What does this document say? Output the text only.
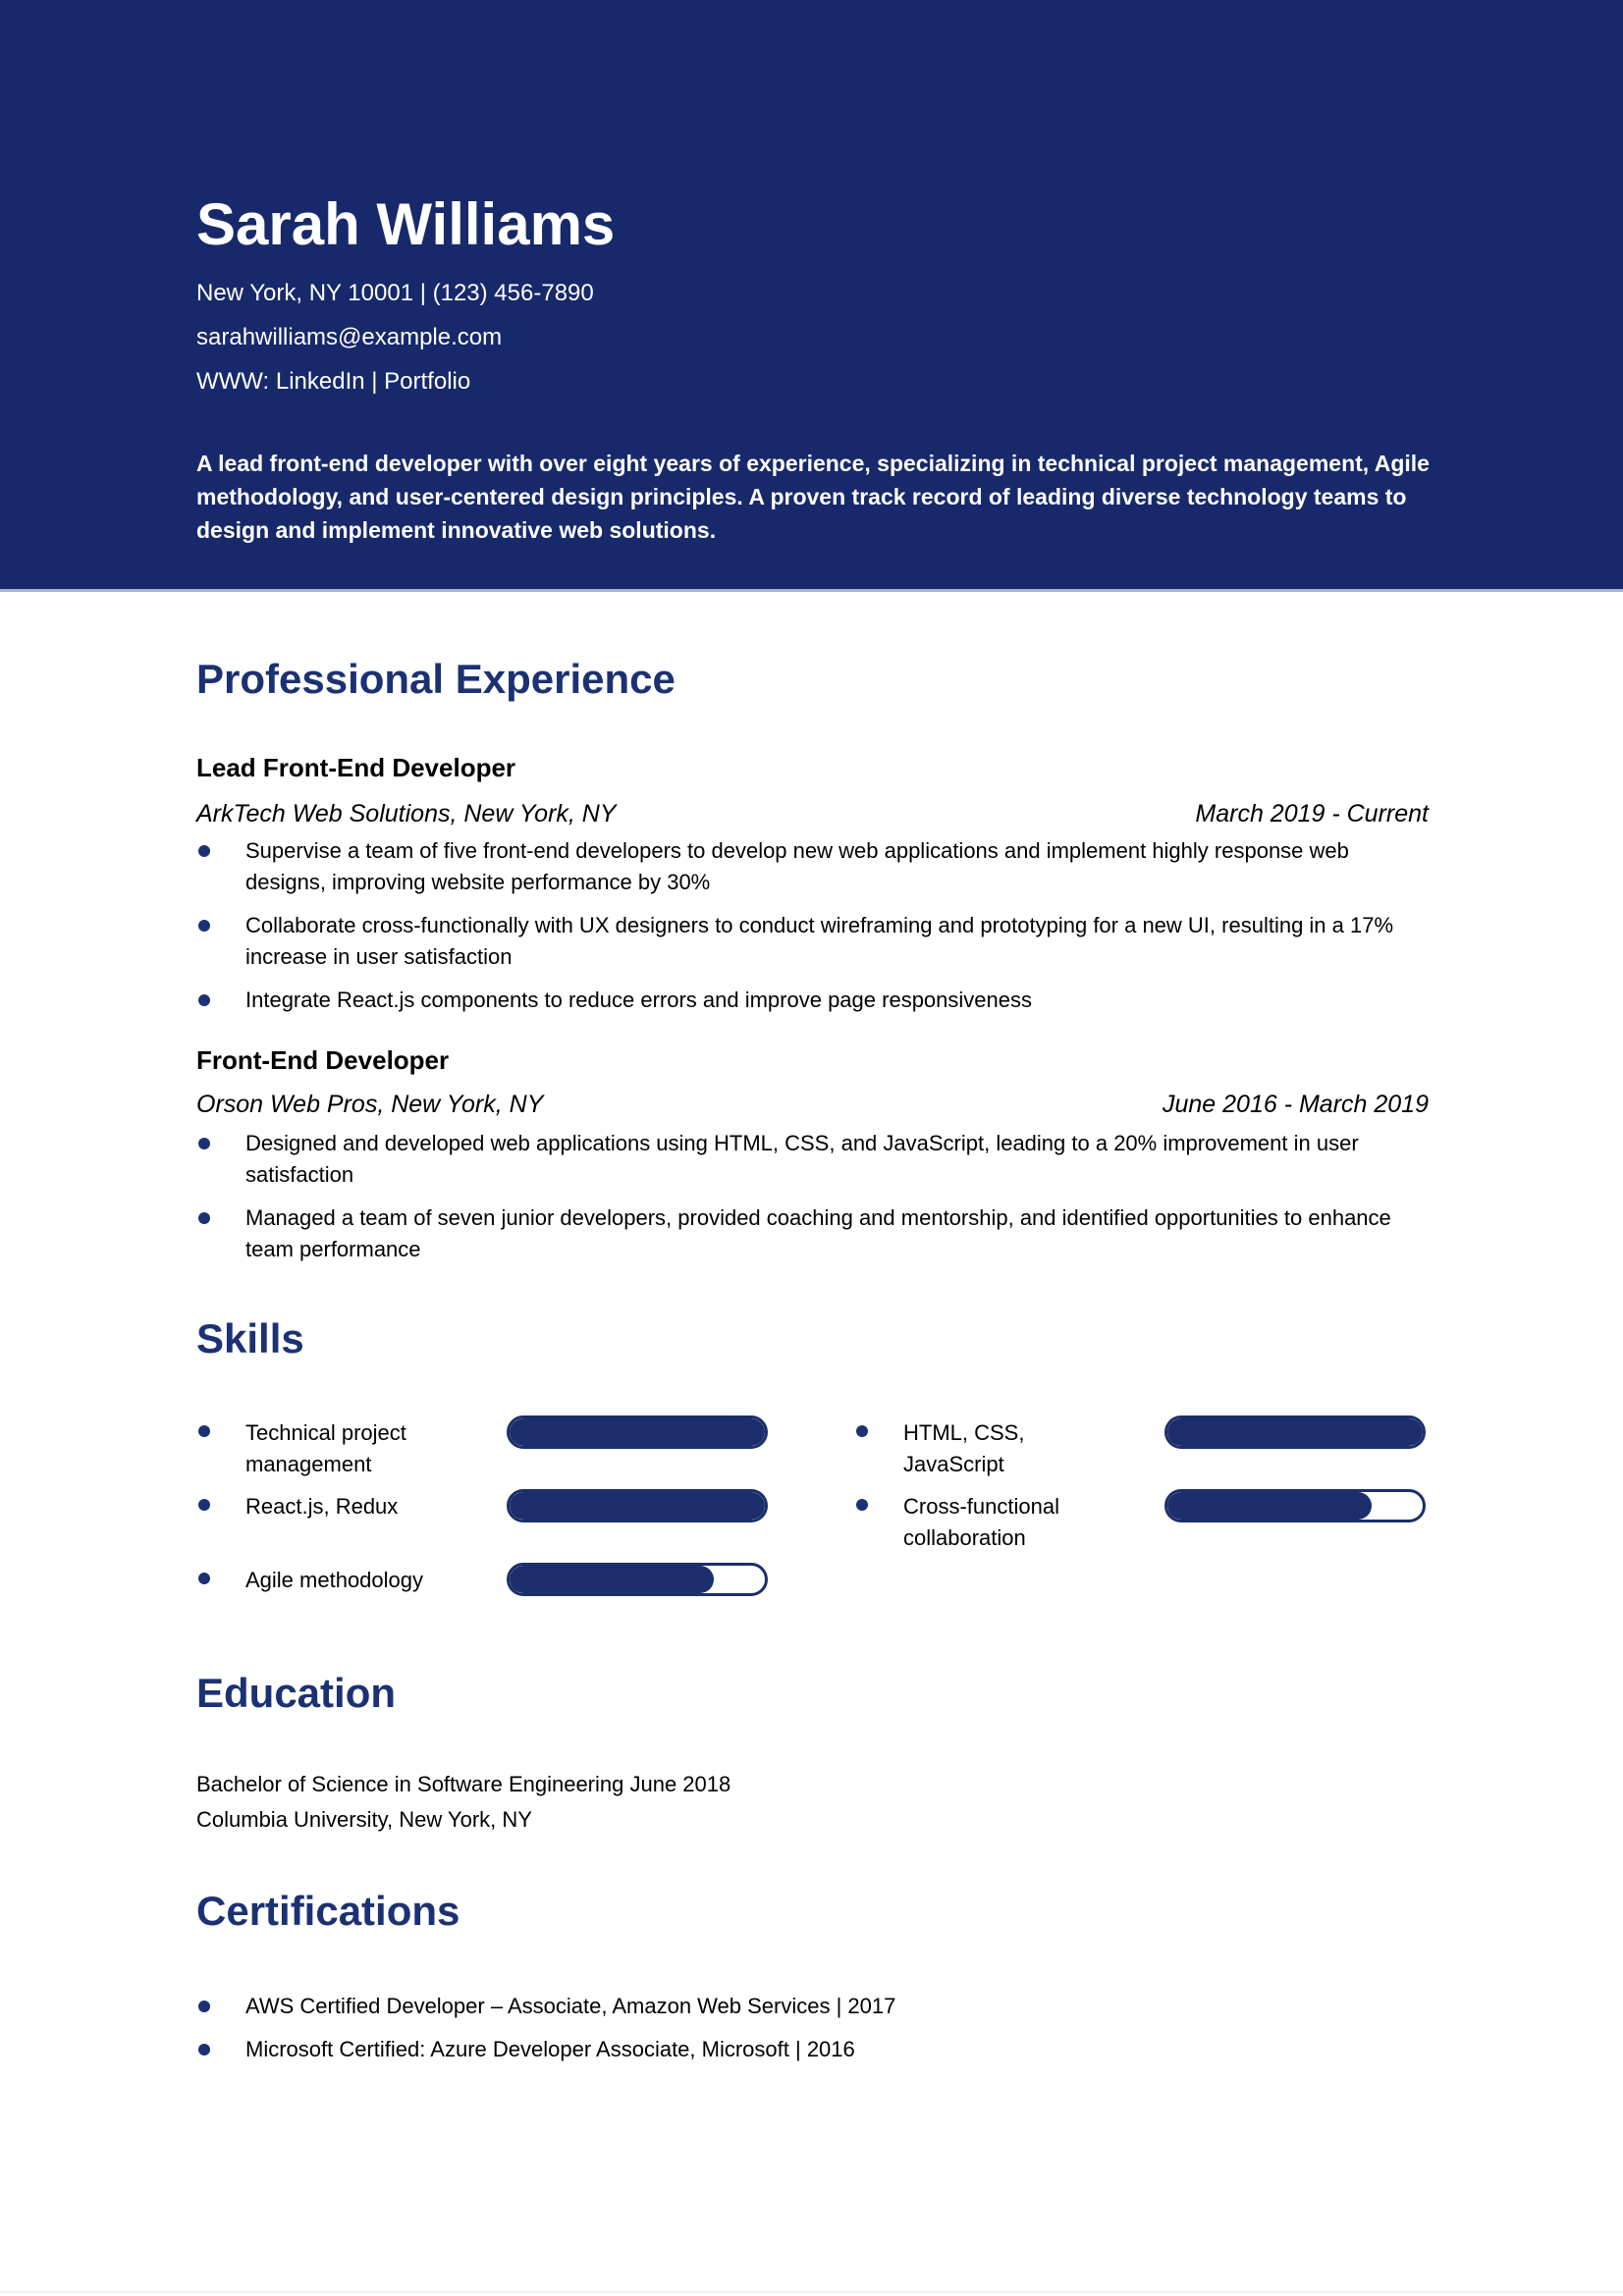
Sarah Williams
New York, NY 10001 | (123) 456-7890
sarahwilliams@example.com
WWW: LinkedIn | Portfolio

A lead front-end developer with over eight years of experience, specializing in technical project management, Agile methodology, and user-centered design principles. A proven track record of leading diverse technology teams to design and implement innovative web solutions.

Professional Experience
Lead Front-End Developer
ArkTech Web Solutions, New York, NY	March 2019 - Current
Supervise a team of five front-end developers to develop new web applications and implement highly response web designs, improving website performance by 30%
Collaborate cross-functionally with UX designers to conduct wireframing and prototyping for a new UI, resulting in a 17% increase in user satisfaction
Integrate React.js components to reduce errors and improve page responsiveness
Front-End Developer
Orson Web Pros, New York, NY	June 2016 - March 2019
Designed and developed web applications using HTML, CSS, and JavaScript, leading to a 20% improvement in user satisfaction
Managed a team of seven junior developers, provided coaching and mentorship, and identified opportunities to enhance team performance
Skills
Technical project management
HTML, CSS, JavaScript
React.js, Redux	Cross-functional collaboration
Agile methodology
Education
Bachelor of Science in Software Engineering June 2018
Columbia University, New York, NY
Certifications
AWS Certified Developer – Associate, Amazon Web Services | 2017
Microsoft Certified: Azure Developer Associate, Microsoft | 2016
